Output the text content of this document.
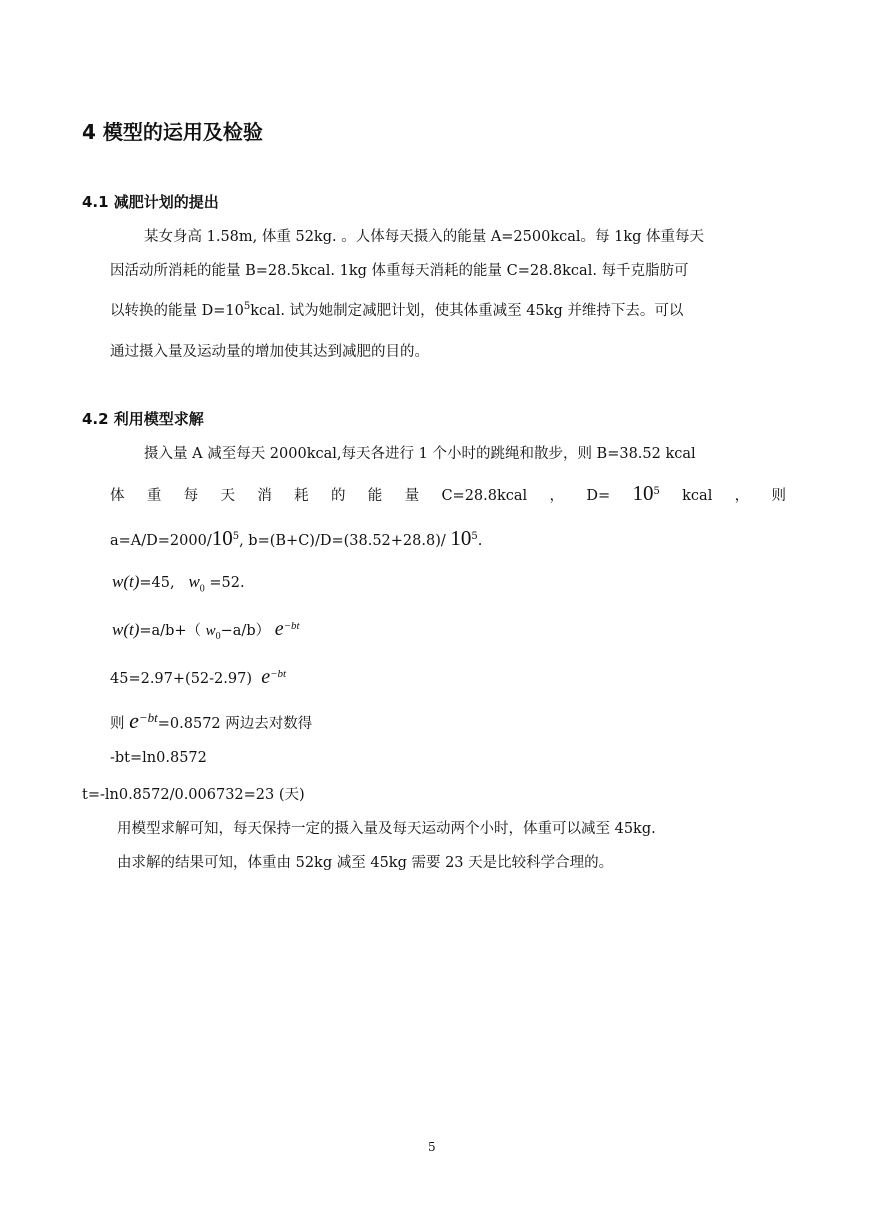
4 模型的运用及检验
4.1 减肥计划的提出
某女身高 1.58m, 体重 52kg. 。人体每天摄入的能量 A=2500kcal。每 1kg 体重每天
因活动所消耗的能量 B=28.5kcal. 1kg 体重每天消耗的能量 C=28.8kcal. 每千克脂肪可
以转换的能量 $D=10^5kcal$. 试为她制定减肥计划，使其体重减至 45kg 并维持下去。可以
通过摄入量及运动量的增加使其达到减肥的目的。
4.2 利用模型求解
摄入量 A 减至每天 2000kcal,每天各进行 1 个小时的跳绳和散步，则 B=38.52 kcal
体 重 每 天 消 耗 的 能 量 C=28.8kcal ， $D= 10^5$ kcal ， 则
$a=A/D=2000/10^5$, b=(B+C)/D=(38.52+28.8)/ $10^5$.
w(t)=45, $w_0 =52$.
w(t)=a/b+（ $w_0-a/b$） $e^{-bt}$
45=2.97+(52-2.97) $e^{-bt}$
则 $e^{-bt}=0.8572$ 两边去对数得
-bt=ln0.8572
t=-ln0.8572/0.006732=23 (天)
用模型求解可知，每天保持一定的摄入量及每天运动两个小时，体重可以减至 45kg.
由求解的结果可知，体重由 52kg 减至 45kg 需要 23 天是比较科学合理的。
5
